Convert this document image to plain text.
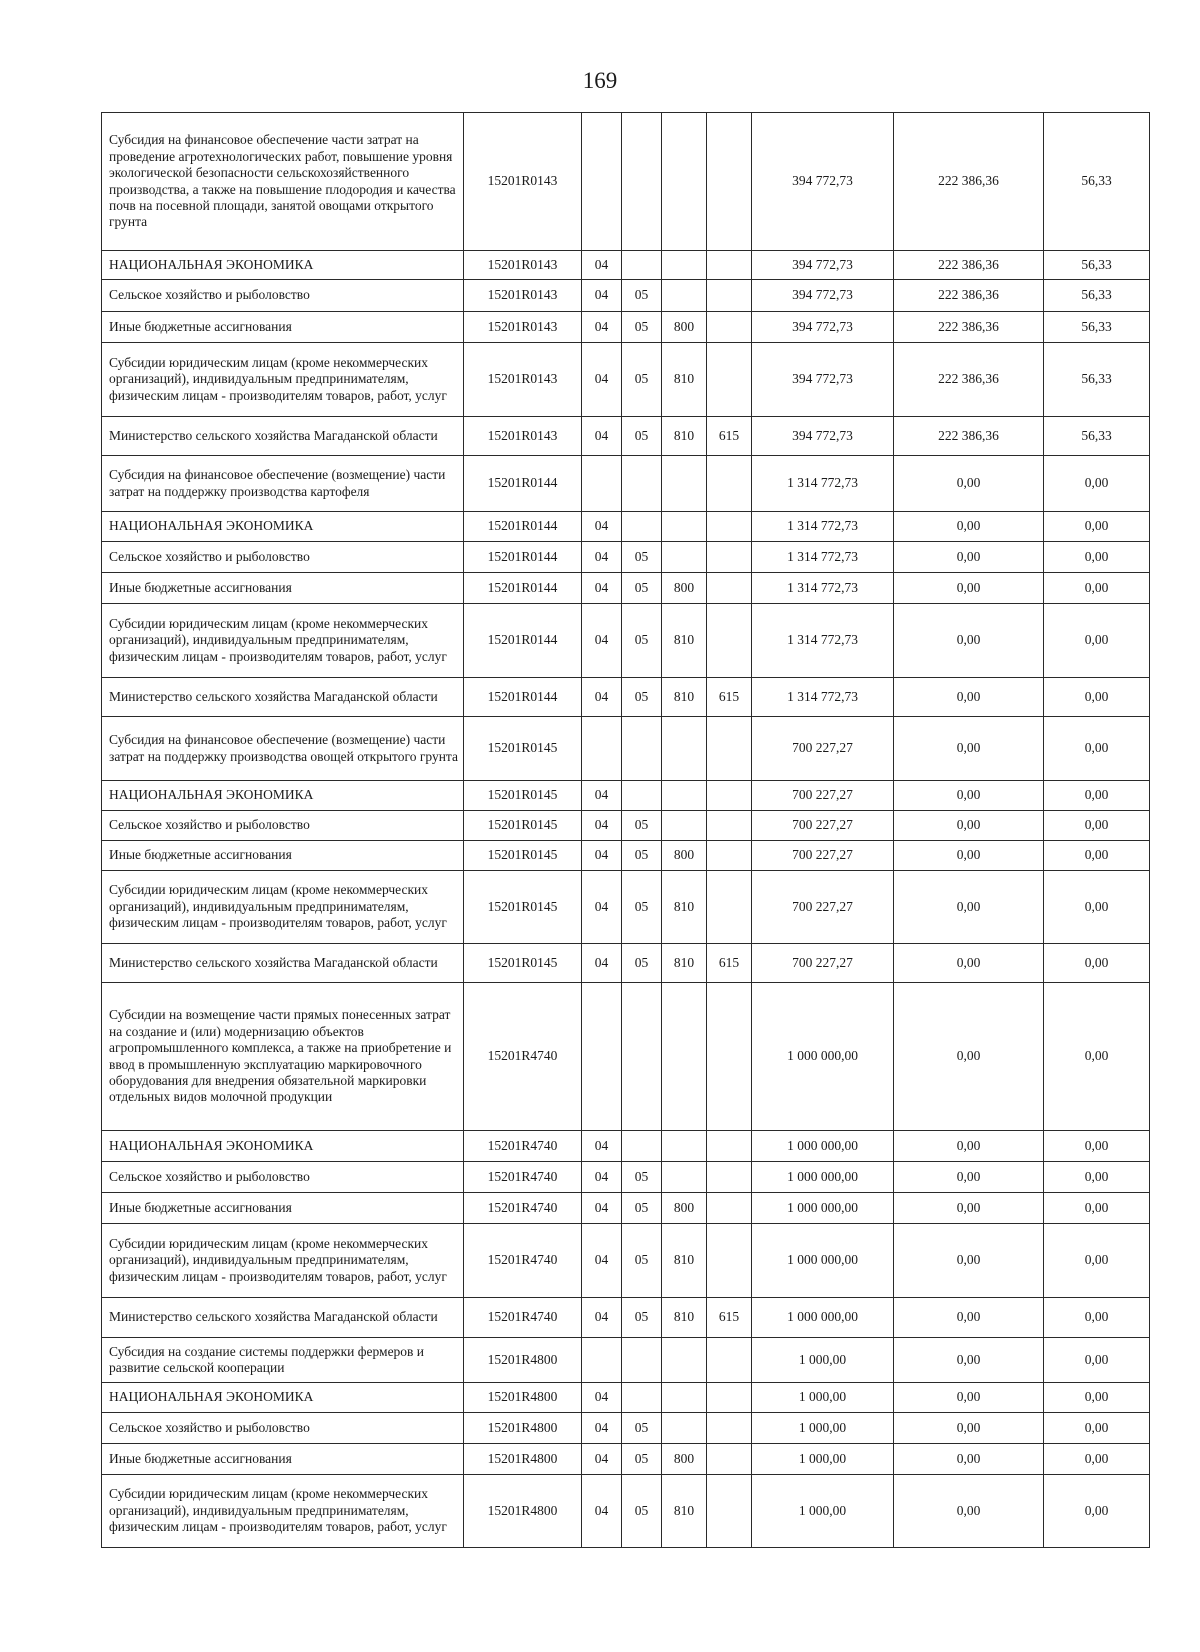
169
Субсидия на финансовое обеспечение части затрат на проведение агротехнологических работ, повышение уровня экологической безопасности сельскохозяйственного производства, а также на повышение плодородия и качества почв на посевной площади, занятой овощами открытого грунта	15201R0143					394 772,73	222 386,36	56,33
НАЦИОНАЛЬНАЯ ЭКОНОМИКА	15201R0143	04				394 772,73	222 386,36	56,33
Сельское хозяйство и рыболовство	15201R0143	04	05			394 772,73	222 386,36	56,33
Иные бюджетные ассигнования	15201R0143	04	05	800		394 772,73	222 386,36	56,33
Субсидии юридическим лицам (кроме некоммерческих организаций), индивидуальным предпринимателям, физическим лицам - производителям товаров, работ, услуг	15201R0143	04	05	810		394 772,73	222 386,36	56,33
Министерство сельского хозяйства Магаданской области	15201R0143	04	05	810	615	394 772,73	222 386,36	56,33
Субсидия на финансовое обеспечение (возмещение) части затрат на поддержку производства картофеля	15201R0144					1 314 772,73	0,00	0,00
НАЦИОНАЛЬНАЯ ЭКОНОМИКА	15201R0144	04				1 314 772,73	0,00	0,00
Сельское хозяйство и рыболовство	15201R0144	04	05			1 314 772,73	0,00	0,00
Иные бюджетные ассигнования	15201R0144	04	05	800		1 314 772,73	0,00	0,00
Субсидии юридическим лицам (кроме некоммерческих организаций), индивидуальным предпринимателям, физическим лицам - производителям товаров, работ, услуг	15201R0144	04	05	810		1 314 772,73	0,00	0,00
Министерство сельского хозяйства Магаданской области	15201R0144	04	05	810	615	1 314 772,73	0,00	0,00
Субсидия на финансовое обеспечение (возмещение) части затрат на поддержку производства овощей открытого грунта	15201R0145					700 227,27	0,00	0,00
НАЦИОНАЛЬНАЯ ЭКОНОМИКА	15201R0145	04				700 227,27	0,00	0,00
Сельское хозяйство и рыболовство	15201R0145	04	05			700 227,27	0,00	0,00
Иные бюджетные ассигнования	15201R0145	04	05	800		700 227,27	0,00	0,00
Субсидии юридическим лицам (кроме некоммерческих организаций), индивидуальным предпринимателям, физическим лицам - производителям товаров, работ, услуг	15201R0145	04	05	810		700 227,27	0,00	0,00
Министерство сельского хозяйства Магаданской области	15201R0145	04	05	810	615	700 227,27	0,00	0,00
Субсидии на возмещение части прямых понесенных затрат на создание и (или) модернизацию объектов агропромышленного комплекса, а также на приобретение и ввод в промышленную эксплуатацию маркировочного оборудования для внедрения обязательной маркировки отдельных видов молочной продукции	15201R4740					1 000 000,00	0,00	0,00
НАЦИОНАЛЬНАЯ ЭКОНОМИКА	15201R4740	04				1 000 000,00	0,00	0,00
Сельское хозяйство и рыболовство	15201R4740	04	05			1 000 000,00	0,00	0,00
Иные бюджетные ассигнования	15201R4740	04	05	800		1 000 000,00	0,00	0,00
Субсидии юридическим лицам (кроме некоммерческих организаций), индивидуальным предпринимателям, физическим лицам - производителям товаров, работ, услуг	15201R4740	04	05	810		1 000 000,00	0,00	0,00
Министерство сельского хозяйства Магаданской области	15201R4740	04	05	810	615	1 000 000,00	0,00	0,00
Субсидия на создание системы поддержки фермеров и развитие сельской кооперации	15201R4800					1 000,00	0,00	0,00
НАЦИОНАЛЬНАЯ ЭКОНОМИКА	15201R4800	04				1 000,00	0,00	0,00
Сельское хозяйство и рыболовство	15201R4800	04	05			1 000,00	0,00	0,00
Иные бюджетные ассигнования	15201R4800	04	05	800		1 000,00	0,00	0,00
Субсидии юридическим лицам (кроме некоммерческих организаций), индивидуальным предпринимателям, физическим лицам - производителям товаров, работ, услуг	15201R4800	04	05	810		1 000,00	0,00	0,00
